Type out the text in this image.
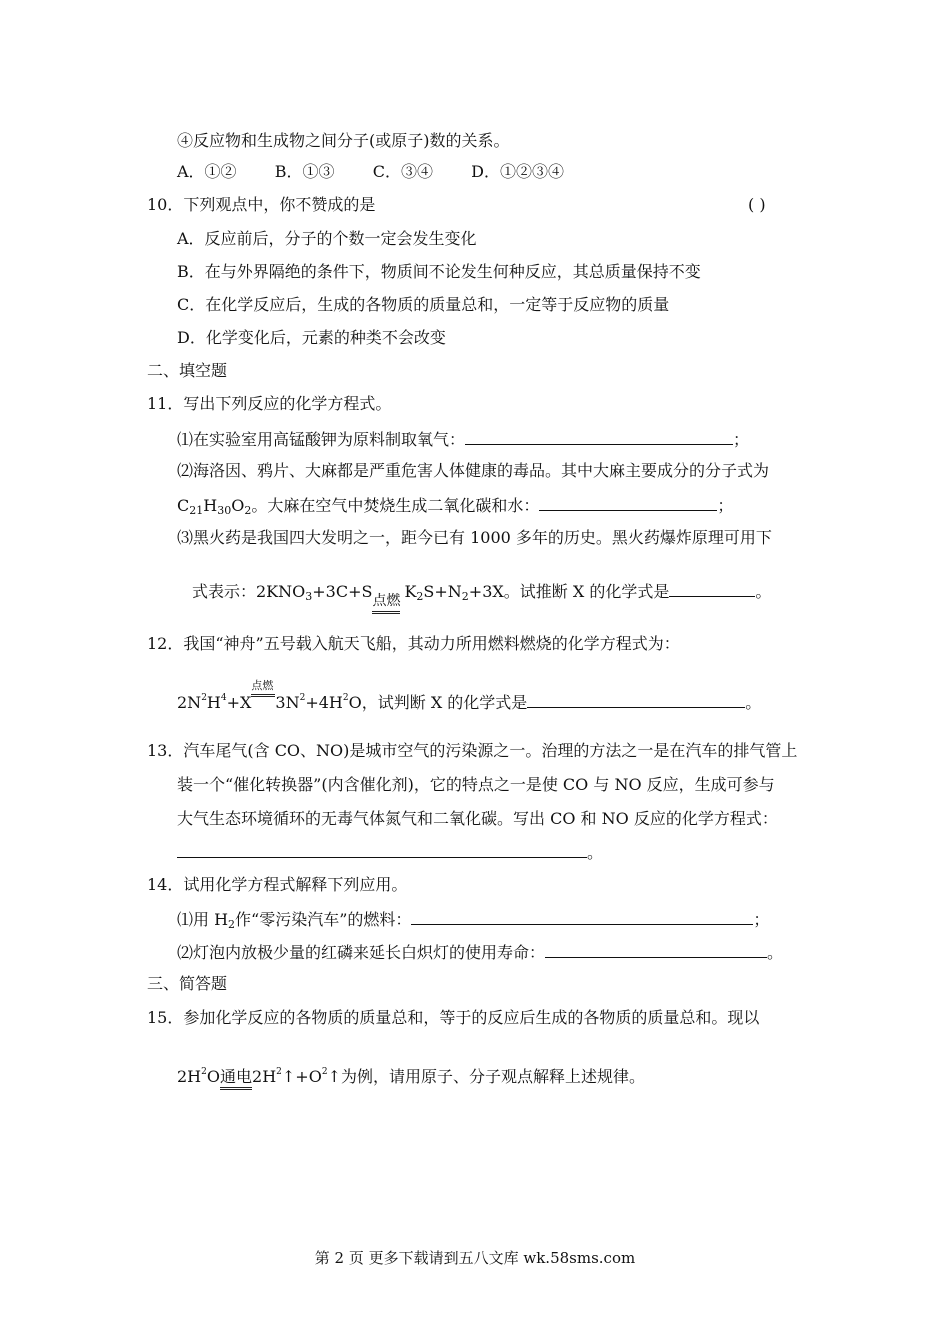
④反应物和生成物之间分子(或原子)数的关系。
A．①② B．①③ C．③④ D．①②③④
10．下列观点中，你不赞成的是	( )
A．反应前后，分子的个数一定会发生变化
B．在与外界隔绝的条件下，物质间不论发生何种反应，其总质量保持不变
C．在化学反应后，生成的各物质的质量总和，一定等于反应物的质量
D．化学变化后，元素的种类不会改变
二、填空题
11．写出下列反应的化学方程式。
⑴在实验室用高锰酸钾为原料制取氧气：	；
⑵海洛因、鸦片、大麻都是严重危害人体健康的毒品。其中大麻主要成分的分子式为
$C_{21}H_{30}O_2$。大麻在空气中焚烧生成二氧化碳和水：	；
⑶黑火药是我国四大发明之一，距今已有 1000 多年的历史。黑火药爆炸原理可用下
式表示：$2KNO_3+3C+S$点燃 $K_2S+N_2+3X$。试推断 X 的化学式是	。
12．我国“神舟”五号载入航天飞船，其动力所用燃料燃烧的化学方程式为：
$2N^2H^4+X$
点燃
$3N^2+4H^2O$，试判断 X 的化学式是	。
13．汽车尾气(含 CO、NO)是城市空气的污染源之一。治理的方法之一是在汽车的排气管上
装一个“催化转换器”(内含催化剂)，它的特点之一是使 CO 与 NO 反应，生成可参与
大气生态环境循环的无毒气体氮气和二氧化碳。写出 CO 和 NO 反应的化学方程式：
。
14．试用化学方程式解释下列应用。
⑴用 $H_2$作“零污染汽车”的燃料：	；
⑵灯泡内放极少量的红磷来延长白炽灯的使用寿命：	。
三、简答题
15．参加化学反应的各物质的质量总和，等于的反应后生成的各物质的质量总和。现以
$2H^2O$通电$2H^2↑+O^2↑$为例，请用原子、分子观点解释上述规律。
第 2 页 更多下载请到五八文库 wk.58sms.com
